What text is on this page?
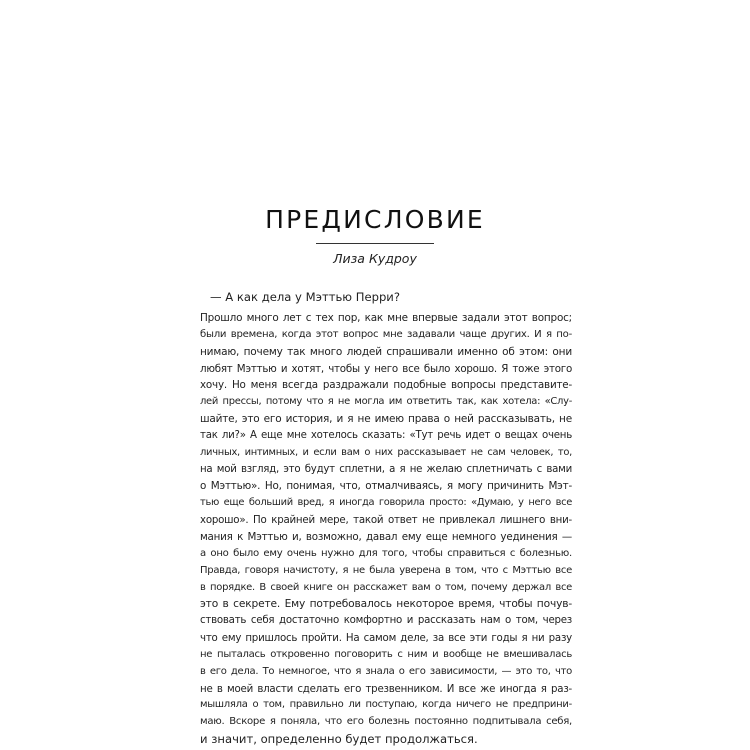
ПРЕДИСЛОВИЕ
Лиза Кудроу

— А как дела у Мэттью Перри?

Прошло много лет с тех пор, как мне впервые задали этот вопрос;
были времена, когда этот вопрос мне задавали чаще других. И я по-
нимаю, почему так много людей спрашивали именно об этом: они
любят Мэттью и хотят, чтобы у него все было хорошо. Я тоже этого
хочу. Но меня всегда раздражали подобные вопросы представите-
лей прессы, потому что я не могла им ответить так, как хотела: «Слу-
шайте, это его история, и я не имею права о ней рассказывать, не
так ли?» А еще мне хотелось сказать: «Тут речь идет о вещах очень
личных, интимных, и если вам о них рассказывает не сам человек, то,
на мой взгляд, это будут сплетни, а я не желаю сплетничать с вами
о Мэттью». Но, понимая, что, отмалчиваясь, я могу причинить Мэт-
тью еще больший вред, я иногда говорила просто: «Думаю, у него все
хорошо». По крайней мере, такой ответ не привлекал лишнего вни-
мания к Мэттью и, возможно, давал ему еще немного уединения —
а оно было ему очень нужно для того, чтобы справиться с болезнью.
Правда, говоря начистоту, я не была уверена в том, что с Мэттью все
в порядке. В своей книге он расскажет вам о том, почему держал все
это в секрете. Ему потребовалось некоторое время, чтобы почув-
ствовать себя достаточно комфортно и рассказать нам о том, через
что ему пришлось пройти. На самом деле, за все эти годы я ни разу
не пыталась откровенно поговорить с ним и вообще не вмешивалась
в его дела. То немногое, что я знала о его зависимости, — это то, что
не в моей власти сделать его трезвенником. И все же иногда я раз-
мышляла о том, правильно ли поступаю, когда ничего не предприни-
маю. Вскоре я поняла, что его болезнь постоянно подпитывала себя,
и значит, определенно будет продолжаться.
